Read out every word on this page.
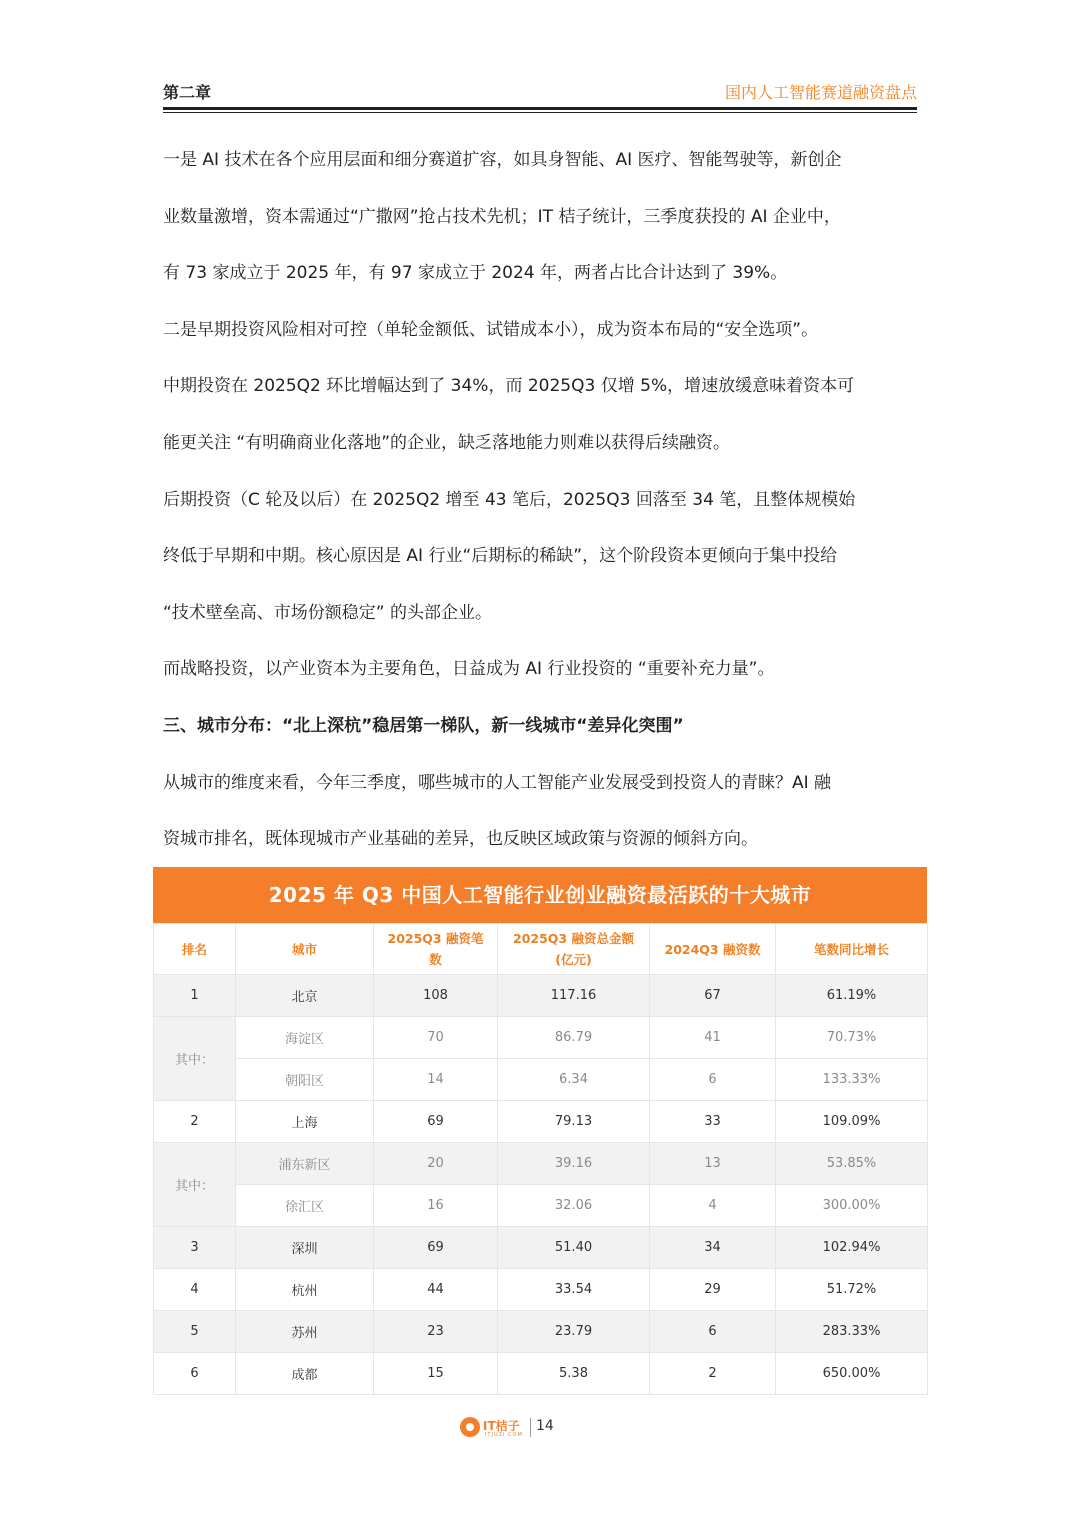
第二章	国内人工智能赛道融资盘点

一是 AI 技术在各个应用层面和细分赛道扩容，如具身智能、AI 医疗、智能驾驶等，新创企

业数量激增，资本需通过“广撒网”抢占技术先机；IT 桔子统计，三季度获投的 AI 企业中，

有 73 家成立于 2025 年，有 97 家成立于 2024 年，两者占比合计达到了 39%。

二是早期投资风险相对可控（单轮金额低、试错成本小），成为资本布局的“安全选项”。

中期投资在 2025Q2 环比增幅达到了 34%，而 2025Q3 仅增 5%，增速放缓意味着资本可

能更关注 “有明确商业化落地”的企业，缺乏落地能力则难以获得后续融资。

后期投资（C 轮及以后）在 2025Q2 增至 43 笔后，2025Q3 回落至 34 笔，且整体规模始

终低于早期和中期。核心原因是 AI 行业“后期标的稀缺”，这个阶段资本更倾向于集中投给

“技术壁垒高、市场份额稳定” 的头部企业。

而战略投资，以产业资本为主要角色，日益成为 AI 行业投资的 “重要补充力量”。

三、城市分布：“北上深杭”稳居第一梯队，新一线城市“差异化突围”

从城市的维度来看，今年三季度，哪些城市的人工智能产业发展受到投资人的青睐？AI 融

资城市排名，既体现城市产业基础的差异，也反映区域政策与资源的倾斜方向。

2025 年 Q3 中国人工智能行业创业融资最活跃的十大城市
排名	城市	2025Q3 融资笔
数	2025Q3 融资总金额
(亿元)	2024Q3 融资数	笔数同比增长
1	北京	108	117.16	67	61.19%
其中：	海淀区	70	86.79	41	70.73%
	朝阳区	14	6.34	6	133.33%
2	上海	69	79.13	33	109.09%
其中：	浦东新区	20	39.16	13	53.85%
	徐汇区	16	32.06	4	300.00%
3	深圳	69	51.40	34	102.94%
4	杭州	44	33.54	29	51.72%
5	苏州	23	23.79	6	283.33%
6	成都	15	5.38	2	650.00%
IT桔子
ITJUZI.COM
14
